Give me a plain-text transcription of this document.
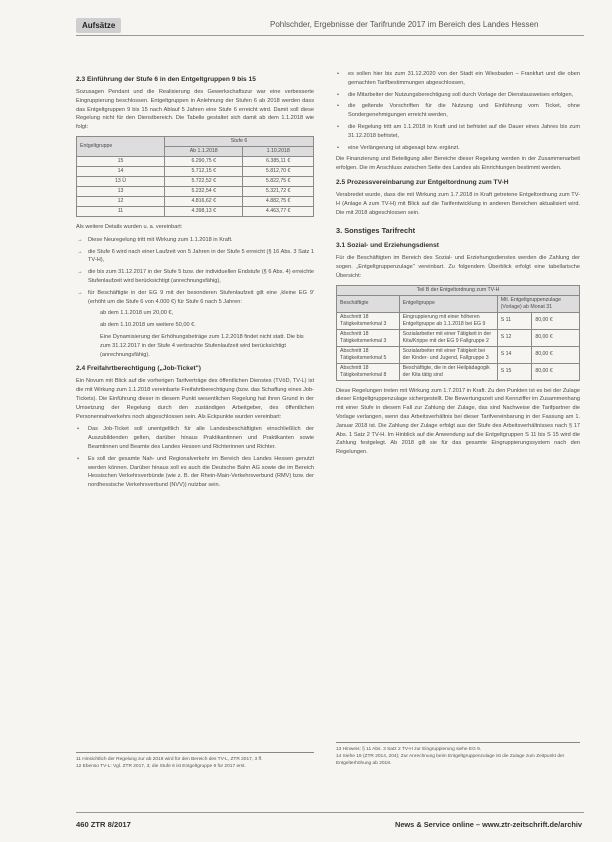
Aufsätze	Pohlschder, Ergebnisse der Tarifrunde 2017 im Bereich des Landes Hessen
2.3 Einführung der Stufe 6 in den Entgeltgruppen 9 bis 15

Sozusagen Pendant und die Realisierung des Gewerkschaftszur war eine verbesserte Eingruppierung beschlossen. Entgeltgruppen in Anlehnung der Stufen 6 ab 2018 werden dass das Entgeltgruppen 9 bis 15 nach Ablauf 5 Jahren eine Stufe 6 erreicht wird. Damit soll diese Regelung nicht für den Dienstbereich. Die Tabelle gestaltet sich damit ab dem 1.1.2018 wie folgt:

Entgeltgruppe	Stufe 6	
	Ab 1.1.2018	1.10.2018
15	6.290,75 €	6.385,11 €
14	5.712,15 €	5.812,70 €
13 Ü	5.722,52 €	5.822,75 €
13	5.232,54 €	5.321,72 €
12	4.816,62 €	4.882,75 €
11	4.398,13 €	4.463,77 €

Als weitere Details wurden u. a. vereinbart:

→ Diese Neuregelung tritt mit Wirkung zum 1.1.2018 in Kraft.
→ die Stufe 6 wird nach einer Laufzeit von 5 Jahren in der Stufe 5 erreicht (§ 16 Abs. 3 Satz 1 TV-H),
→ die bis zum 31.12.2017 in der Stufe 5 bzw. der individuellen Endstufe (§ 6 Abs. 4) erreichte Stufenlaufzeit wird berücksichtigt (anrechnungsfähig),
→ für Beschäftigte in der EG 9 mit der besonderen Stufenlaufzeit gilt eine ,kleine EG 9' (erhöht um die Stufe 6 von 4.000 €) für Stufe 6 nach 5 Jahren:
ab dem 1.1.2018 um 20,00 €,
ab dem 1.10.2018 um weitere 50,00 €.
Eine Dynamisierung der Erhöhungsbeträge zum 1.2.2018 findet nicht statt. Die bis zum 31.12.2017 in der Stufe 4 verbrachte Stufenlaufzeit wird berücksichtigt (anrechnungsfähig).
2.4 Freifahrtberechtigung („Job-Ticket")

Ein Novum mit Blick auf die vorherigen Tarifverträge des öffentlichen Dienstes (TVöD, TV-L) ist die mit Wirkung zum 1.1.2018 vereinbarte Freifahrtberechtigung (bzw. das Schaffung eines Job-Tickets). Die Einführung dieser in diesem Punkt wesentlichen Regelung hat ihren Grund in der Umsetzung der Regelung durch den zuständigen Arbeitgeber, des öffentlichen Personennahverkehrs noch abgeschlossen sein. Als Eckpunkte wurden vereinbart:

• Das Job-Ticket soll unentgeltlich für alle Landesbeschäftigten einschließlich der Auszubildenden gelten, darüber hinaus Praktikantinnen und Praktikanten sowie Beamtinnen und Beamte des Landes Hessen und Richterinnen und Richter.
• Es soll der gesamte Nah- und Regionalverkehr im Bereich des Landes Hessen genutzt werden können. Darüber hinaus soll es auch die Deutsche Bahn AG sowie die im Bereich Hessischen Verkehrsverbünde (wie z. B. der Rhein-Main-Verkehrsverbund (RMV) bzw. der nordhessische Verkehrsverbund (NVV)) nutzbar sein.
11 Hinsichtlich der Regelung zur ab 2018 wird für den Bereich des TV-L, ZTR 2017, 3 ff.
12 Ebenso TV-L: Vgl. ZTR 2017, 3; die Stufe 6 ist Entgeltgruppe 9 für 2017 erst.
• es sollen hier bis zum 31.12.2020 von der Stadt ein Wiesbaden – Frankfurt und die oben gemachten Tarifbestimmungen abgeschlossen,
• die Mitarbeiter der Nutzungsberechtigung soll durch Vorlage der Dienstausweises erfolgen,
• die geltende Vorschriften für die Nutzung und Einführung vom Ticket, ohne Sondergenehmigungen erreicht werden,
• die Regelung tritt am 1.1.2018 in Kraft und ist befristet auf die Dauer eines Jahres bis zum 31.12.2018 befristet,
• eine Verlängerung ist abgesagt bzw. ergänzt.

Die Finanzierung und Beteiligung aller Bereiche dieser Regelung werden in der Zusammenarbeit erfolgen. Die im Anschluss zwischen Seite des Landes als Einrichtungen bestimmt werden.

2.5 Prozessvereinbarung zur Entgeltordnung zum TV-H

Verabredet wurde, dass die mit Wirkung zum 1.7.2018 in Kraft getretene Entgeltordnung zum TV-H (Anlage A zum TV-H) mit Blick auf die Tarifentwicklung in anderen Bereichen aktualisiert wird. Die mit 2018 abgeschlossen sein.

3. Sonstiges Tarifrecht
3.1 Sozial- und Erziehungsdienst

Für die Beschäftigten im Bereich des Sozial- und Erziehungsdienstes werden die Zahlung der sogen. „Entgeltgruppenzulage" vereinbart. Zu folgendem Überblick erfolgt eine tabellarische Übersicht:

Teil B der Entgeltordnung zum TV-H			
Beschäftigte	Entgeltgruppe	Mtl. Entgeltgruppenzulage (Vorlage) ab Monat 31	
Abschnitt 18 Tätigkeitsmerkmal 3	Eingruppierung mit einer höheren Entgeltgruppe ab 1.1.2018 bei EG 9	S 11	80,00 €
Abschnitt 18 Tätigkeitsmerkmal 3	Sozialarbeiter mit einer Tätigkeit in der Kita/Krippe mit der EG 9 Fallgruppe 2	S 12	80,00 €
Abschnitt 18 Tätigkeitsmerkmal 5	Sozialarbeiter mit einer Tätigkeit bei der Kinder- und Jugend, Fallgruppe 3	S 14	80,00 €
Abschnitt 18 Tätigkeitsmerkmal 8	Beschäftigte, die in der Heilpädagogik der Kita tätig sind	S 15	80,00 €

Diese Regelungen treten mit Wirkung zum 1.7.2017 in Kraft. Zu den Punkten ist es bei der Zulage dieser Entgeltgruppenzulage sichergestellt. Die Bewertungszeit und Kennziffer im Zusammenhang mit einer Stufe in diesem Fall zur Zahlung der Zulage, das sind Nachweise die Tarifpartner die Vorlage verlangen, wenn das Arbeitsverhältnis bei dieser Tarifvereinbarung in der Fassung am 1. Januar 2018 ist. Die Zahlung der Zulage erfolgt aus der Stufe des Arbeitsverhältnisses nach § 17 Abs. 1 Satz 2 TV-H. Im Hinblick auf die Anwendung auf die Entgeltgruppen S 11 bis S 15 wird die Zahlung festgelegt. Ab 2018 gilt sie für das gesamte Eingruppierungssystem nach den Regelungen.

13 Hinweis: § 11 Abs. 3 Satz 2 TV-H zur Eingruppierung siehe EG 9.
14 Siehe 19 (ZTR 2014, 204); Zur Anrechnung beim Entgeltgruppenzulage ist die Zulage zum Zeitpunkt der Entgelterhöhung ab 2018.
460 ZTR 8/2017	News & Service online – www.ztr-zeitschrift.de/archiv
